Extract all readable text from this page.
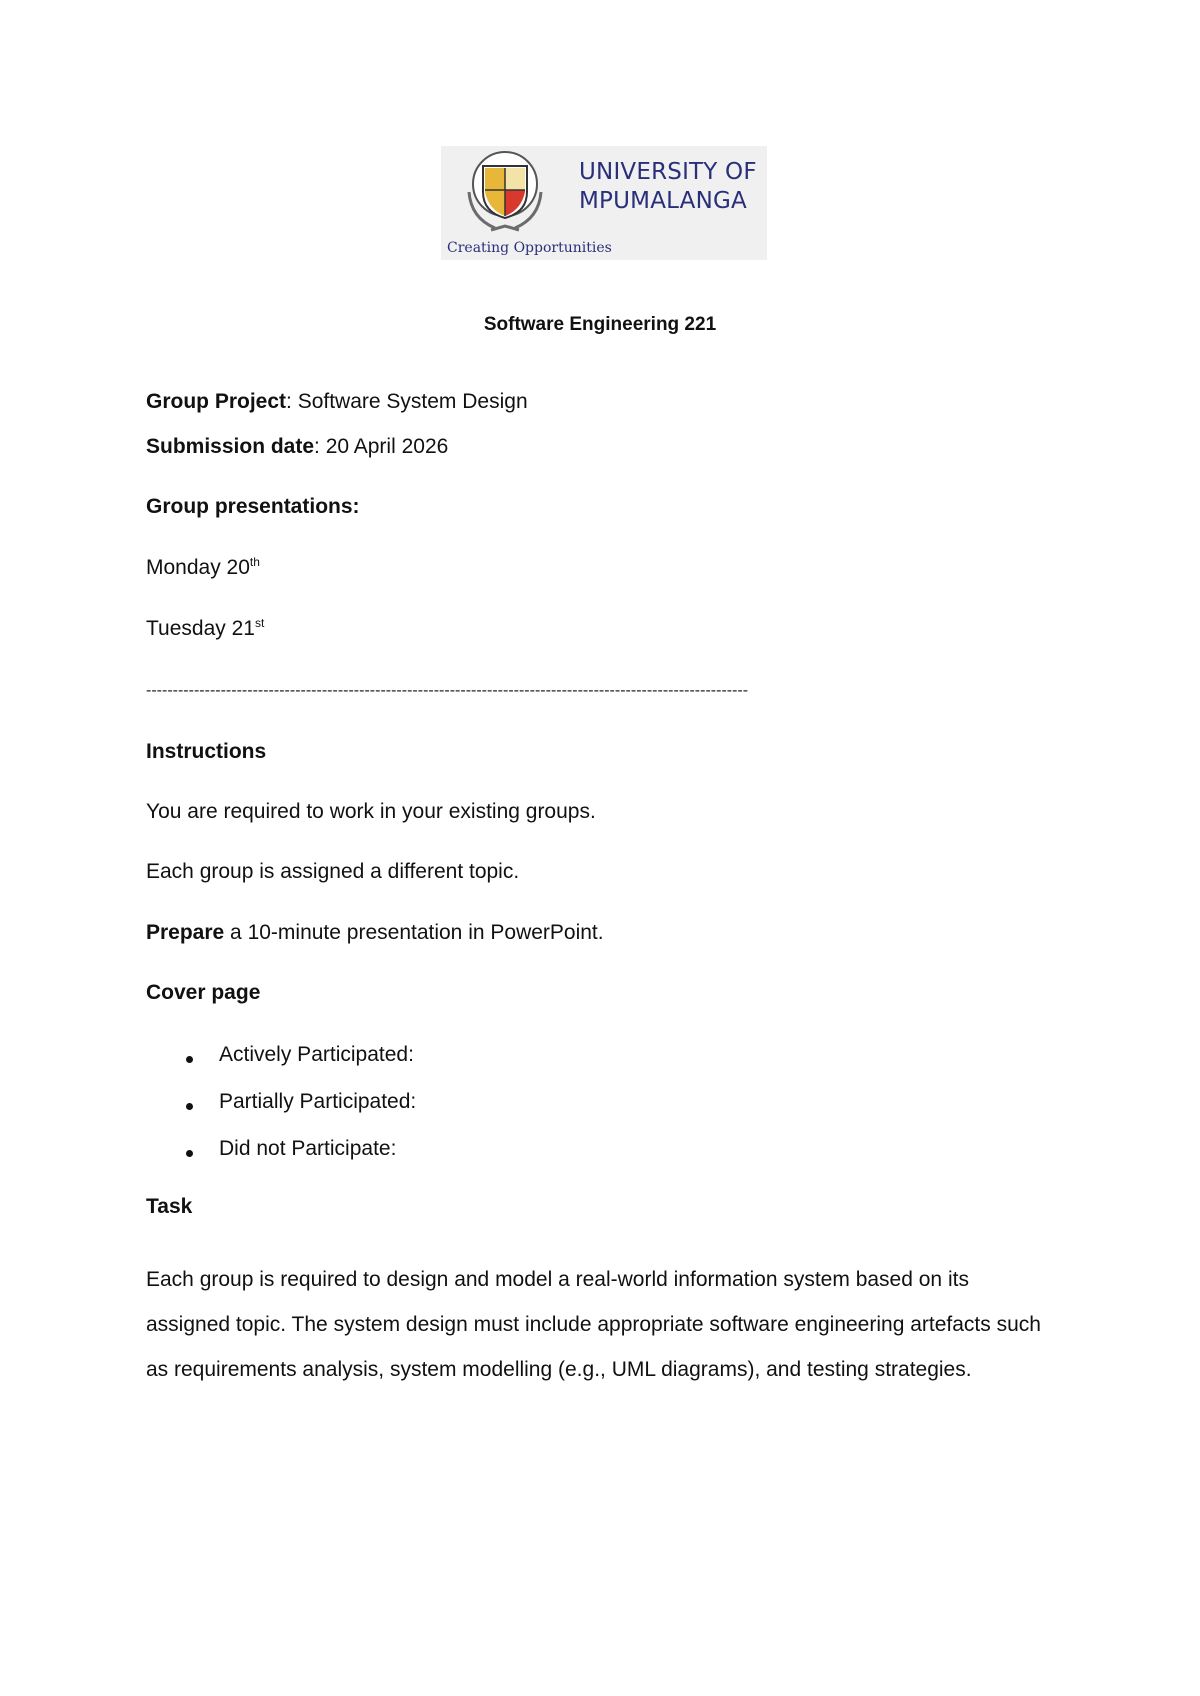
UNIVERSITY OF
MPUMALANGA
Creating Opportunities
Software Engineering 221
Group Project: Software System Design
Submission date: 20 April 2026
Group presentations:
Monday 20th
Tuesday 21st
-----------------------------------------------------------------------------------------------------------------
Instructions
You are required to work in your existing groups.
Each group is assigned a different topic.
Prepare a 10-minute presentation in PowerPoint.
Cover page
Actively Participated:
Partially Participated:
Did not Participate:
Task
Each group is required to design and model a real-world information system based on its assigned topic. The system design must include appropriate software engineering artefacts such as requirements analysis, system modelling (e.g., UML diagrams), and testing strategies.
